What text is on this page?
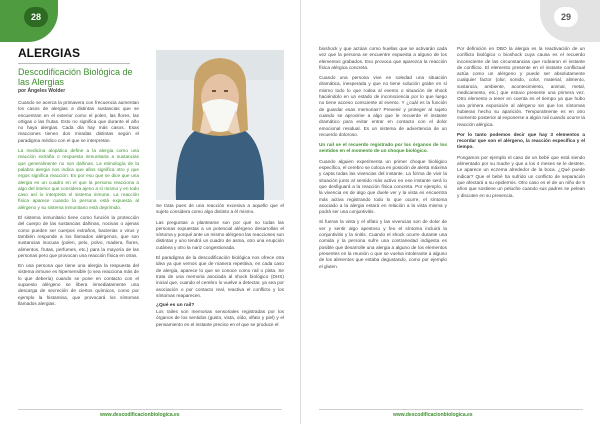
28
ALERGIAS
Descodificación Biológica de las Alergias
por Ángeles Wolder

Cuando se acerca la primavera con frecuencia aumentan los casos de alergias a distintas sustancias que se encuentran en el exterior como el polen, las flores, las ortigas o las frutas. Esto no significa que durante el año no haya alergias. Cada día hay más casos. Esas reacciones tienen dos miradas distintas según el paradigma médico con el que se interpretan.

La medicina alopática define a la alergia como una reacción extraña o respuesta inmunitaria a sustancias que generalmente no son dañinas. La etimología de la palabra alergia nos indica que allos significa otro y que ergos significa reacción. Es por eso que se dice que una alergia es un cuadro en el que la persona reacciona a algo del interior que considera ajeno a sí mismo y en todo caso así lo interpreta el sistema inmune. La reacción física aparece cuando la persona está expuesta al alérgeno y su sistema inmunitario está deprimido.

El sistema inmunitario tiene como función la protección del cuerpo de las sustancias dañinas, nocivas o ajenas como pueden ser cuerpos extraños, bacterias o virus y también responde a los llamados alérgenos, que son sustancias inocuas (polen, pelo, polvo, madera, flores, alimentos, frutas, perfumes, etc.) para la mayoría de las personas pero que provocan una reacción física en otras.

En una persona que tiene una alergia la respuesta del sistema inmune es hipersensible (o sea reacciona más de lo que debería) cuando se pone en contacto con el supuesto alérgeno se libera inmediatamente una descarga de secreción de ciertos químicos, como por ejemplo la histamina, que provocará los síntomas llamados alergias.

Se trata pues de una reacción excesiva a aquello que el sujeto considera como algo distinto a él mismo.

Las preguntas a plantearse son por qué no todas las personas expuestas a un potencial alérgeno desarrollan el síntoma y porqué ante un mismo alérgeno las reacciones son distintas y uno tendrá un cuadro de asma, otro una erupción cutánea y otro la nariz congestionada.

El paradigma de la descodificación biológica nos ofrece otra idea ya que vemos que de manera repetitiva, en cada caso de alergia, aparece lo que se conoce como rail o pista. Se trata de una memoria asociada al shock biológico (DHS) inicial que, cuando el cerebro lo vuelve a detectar, ya sea por asociación o por contacto real, reactiva el conflicto y los síntomas reaparecen.

¿Qué es un rail?

Los railes son memorias sensoriales registradas por los órganos de los sentidos (gusto, vista, oído, olfato y piel) y el pensamiento en el instante preciso en el que se produce el

www.descodificacionbiologica.es
29

bioshock y que actúan como huellas que se activarán cada vez que la persona se encuentre expuesta a alguno de los elementos grabados. Eso provoca que aparezca la reacción física alérgica concreta.

Cuando una persona vive en soledad una situación dramática, inesperada y que no tiene solución grabe en sí mismo todo lo que rodea al evento o situación de shock haciéndolo en un estado de inconsciencia por lo que luego no tiene acceso consciente al evento. Y ¿cuál es la función de guardar esas memorias? Prevenir y proteger al sujeto cuando se aproxime a algo que le recuerde el instante dramático para evitar entrar en contacto con el dolor emocional residual. Es un sistema de advertencia de un recuerdo doloroso.

Un rail se el recuerdo registrado por los órganos de los sentidos en el momento de un choque biológico.

Cuando alguien experimenta un primer choque biológico específico, el cerebro se coloca en posición de alerta máxima y capta todas las vivencias del instante. La forma de vivir la situación junto al sentido más activo en ese instante será lo que desfiguará a la reacción física concreta. Por ejemplo, si la vivencia es de algo que duele ver y la vista es encuentra más activa registrando todo lo que ocurre, el síntoma asociado a la alergia estará en relación a la vista misma y podrá ser una conjuntivitis.

Si fueran la vista y el olfato y las vivencias son de dolor de ver y sentir algo apestoso y feo el síntoma incluirá la conjuntivitis y la rinitis. Cuando el shock ocurre durante una comida y la persona sufre una contrariedad indigesta es posible que desarrolle una alergia a alguno de los elementos presentes en la reunión o que se vuelva intolerante a alguno de los alimentos que estaba degustando, como por ejemplo el gluten.

Por definición en DBO la alergia es la reactivación de un conflicto biológico o bioshock cuya causa es el recuerdo inconsciente de las circunstancias que rodearon el instante de conflicto. El elemento presente en el instante conflictual actúa como un alérgeno y puede ser absolutamente cualquier factor (olor, sonido, color, material, alimento, sustancia, ambiente, acontecimiento, animal, metal, medicamento, etc.) que estuvo presente una primera vez. Otro elemento a tener en cuenta es el tiempo ya que hubo una primera exposición al alérgeno sin que los síntomas hubieran hecho su aparición. Temporalmente es en otro momento posterior al exponerse a algún rail cuando ocurre la reacción alérgica.

Por lo tanto podemos decir que hay 3 elementos a recordar que son el alérgeno, la reacción específica y el tiempo.

Pongamos por ejemplo el caso de un bebé que está siendo alimentado por su madre y que a los 4 meses se le destete. Le aparece un eczema alrededor de la boca. ¿Qué puede indicar? Que el bebé ha sufrido un conflicto de separación que afectará a su epidermis. Otro caso es el de un niño de 5 años que sostiene un peluche cuando sus padres se pelean y discuten en su presencia.

www.descodificacionbiologica.es
